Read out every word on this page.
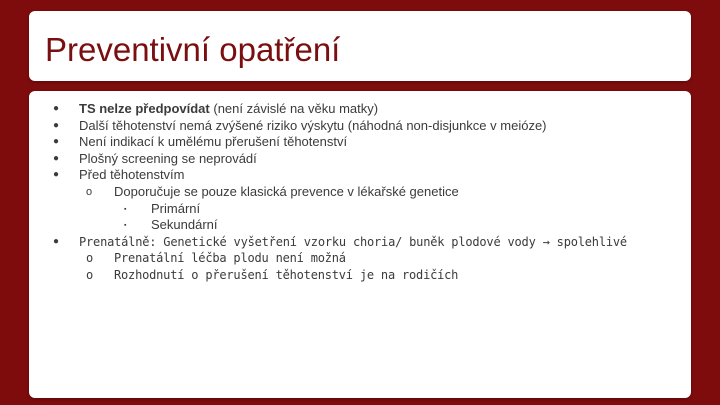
Preventivní opatření
● TS nelze předpovídat (není závislé na věku matky)
● Další těhotenství nemá zvýšené riziko výskytu (náhodná non-disjunkce v meióze)
● Není indikací k umělému přerušení těhotenství
● Plošný screening se neprovádí
● Před těhotenstvím
o Doporučuje se pouze klasická prevence v lékařské genetice
▪ Primární
▪ Sekundární
● Prenatálně: Genetické vyšetření vzorku choria/ buněk plodové vody → spolehlivé
o Prenatální léčba plodu není možná
o Rozhodnutí o přerušení těhotenství je na rodičích
